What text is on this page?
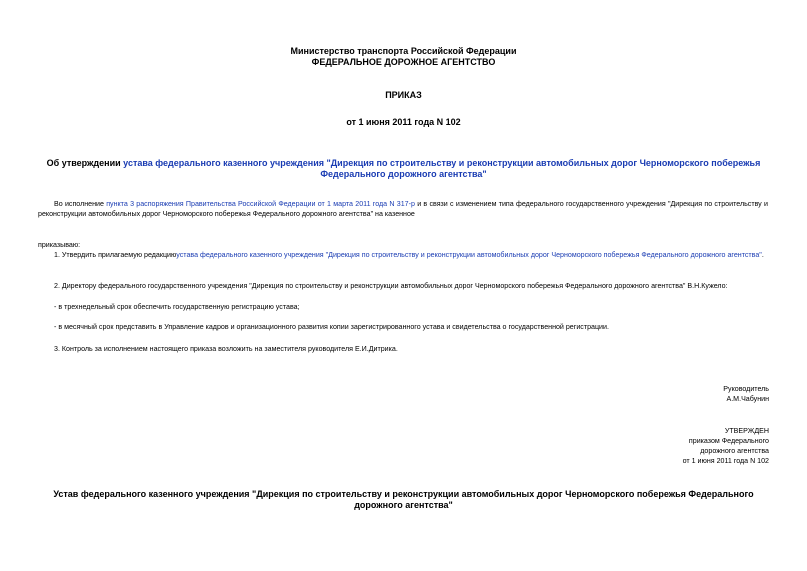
Министерство транспорта Российской Федерации
ФЕДЕРАЛЬНОЕ ДОРОЖНОЕ АГЕНТСТВО
ПРИКАЗ
от 1 июня 2011 года N 102
Об утверждении устава федерального казенного учреждения "Дирекция по строительству и реконструкции автомобильных дорог Черноморского побережья Федерального дорожного агентства"
Во исполнение пункта 3 распоряжения Правительства Российской Федерации от 1 марта 2011 года N 317-р и в связи с изменением типа федерального государственного учреждения "Дирекция по строительству и реконструкции автомобильных дорог Черноморского побережья Федерального дорожного агентства" на казенное
приказываю:
1. Утвердить прилагаемую редакциюустава федерального казенного учреждения "Дирекция по строительству и реконструкции автомобильных дорог Черноморского побережья Федерального дорожного агентства".
2. Директору федерального государственного учреждения "Дирекция по строительству и реконструкции автомобильных дорог Черноморского побережья Федерального дорожного агентства" В.Н.Кужело:
- в трехнедельный срок обеспечить государственную регистрацию устава;
- в месячный срок представить в Управление кадров и организационного развития копии зарегистрированного устава и свидетельства о государственной регистрации.
3. Контроль за исполнением настоящего приказа возложить на заместителя руководителя Е.И.Дитрика.
Руководитель
А.М.Чабунин
УТВЕРЖДЕН
приказом Федерального
дорожного агентства
от 1 июня 2011 года N 102
Устав федерального казенного учреждения "Дирекция по строительству и реконструкции автомобильных дорог Черноморского побережья Федерального дорожного агентства"
